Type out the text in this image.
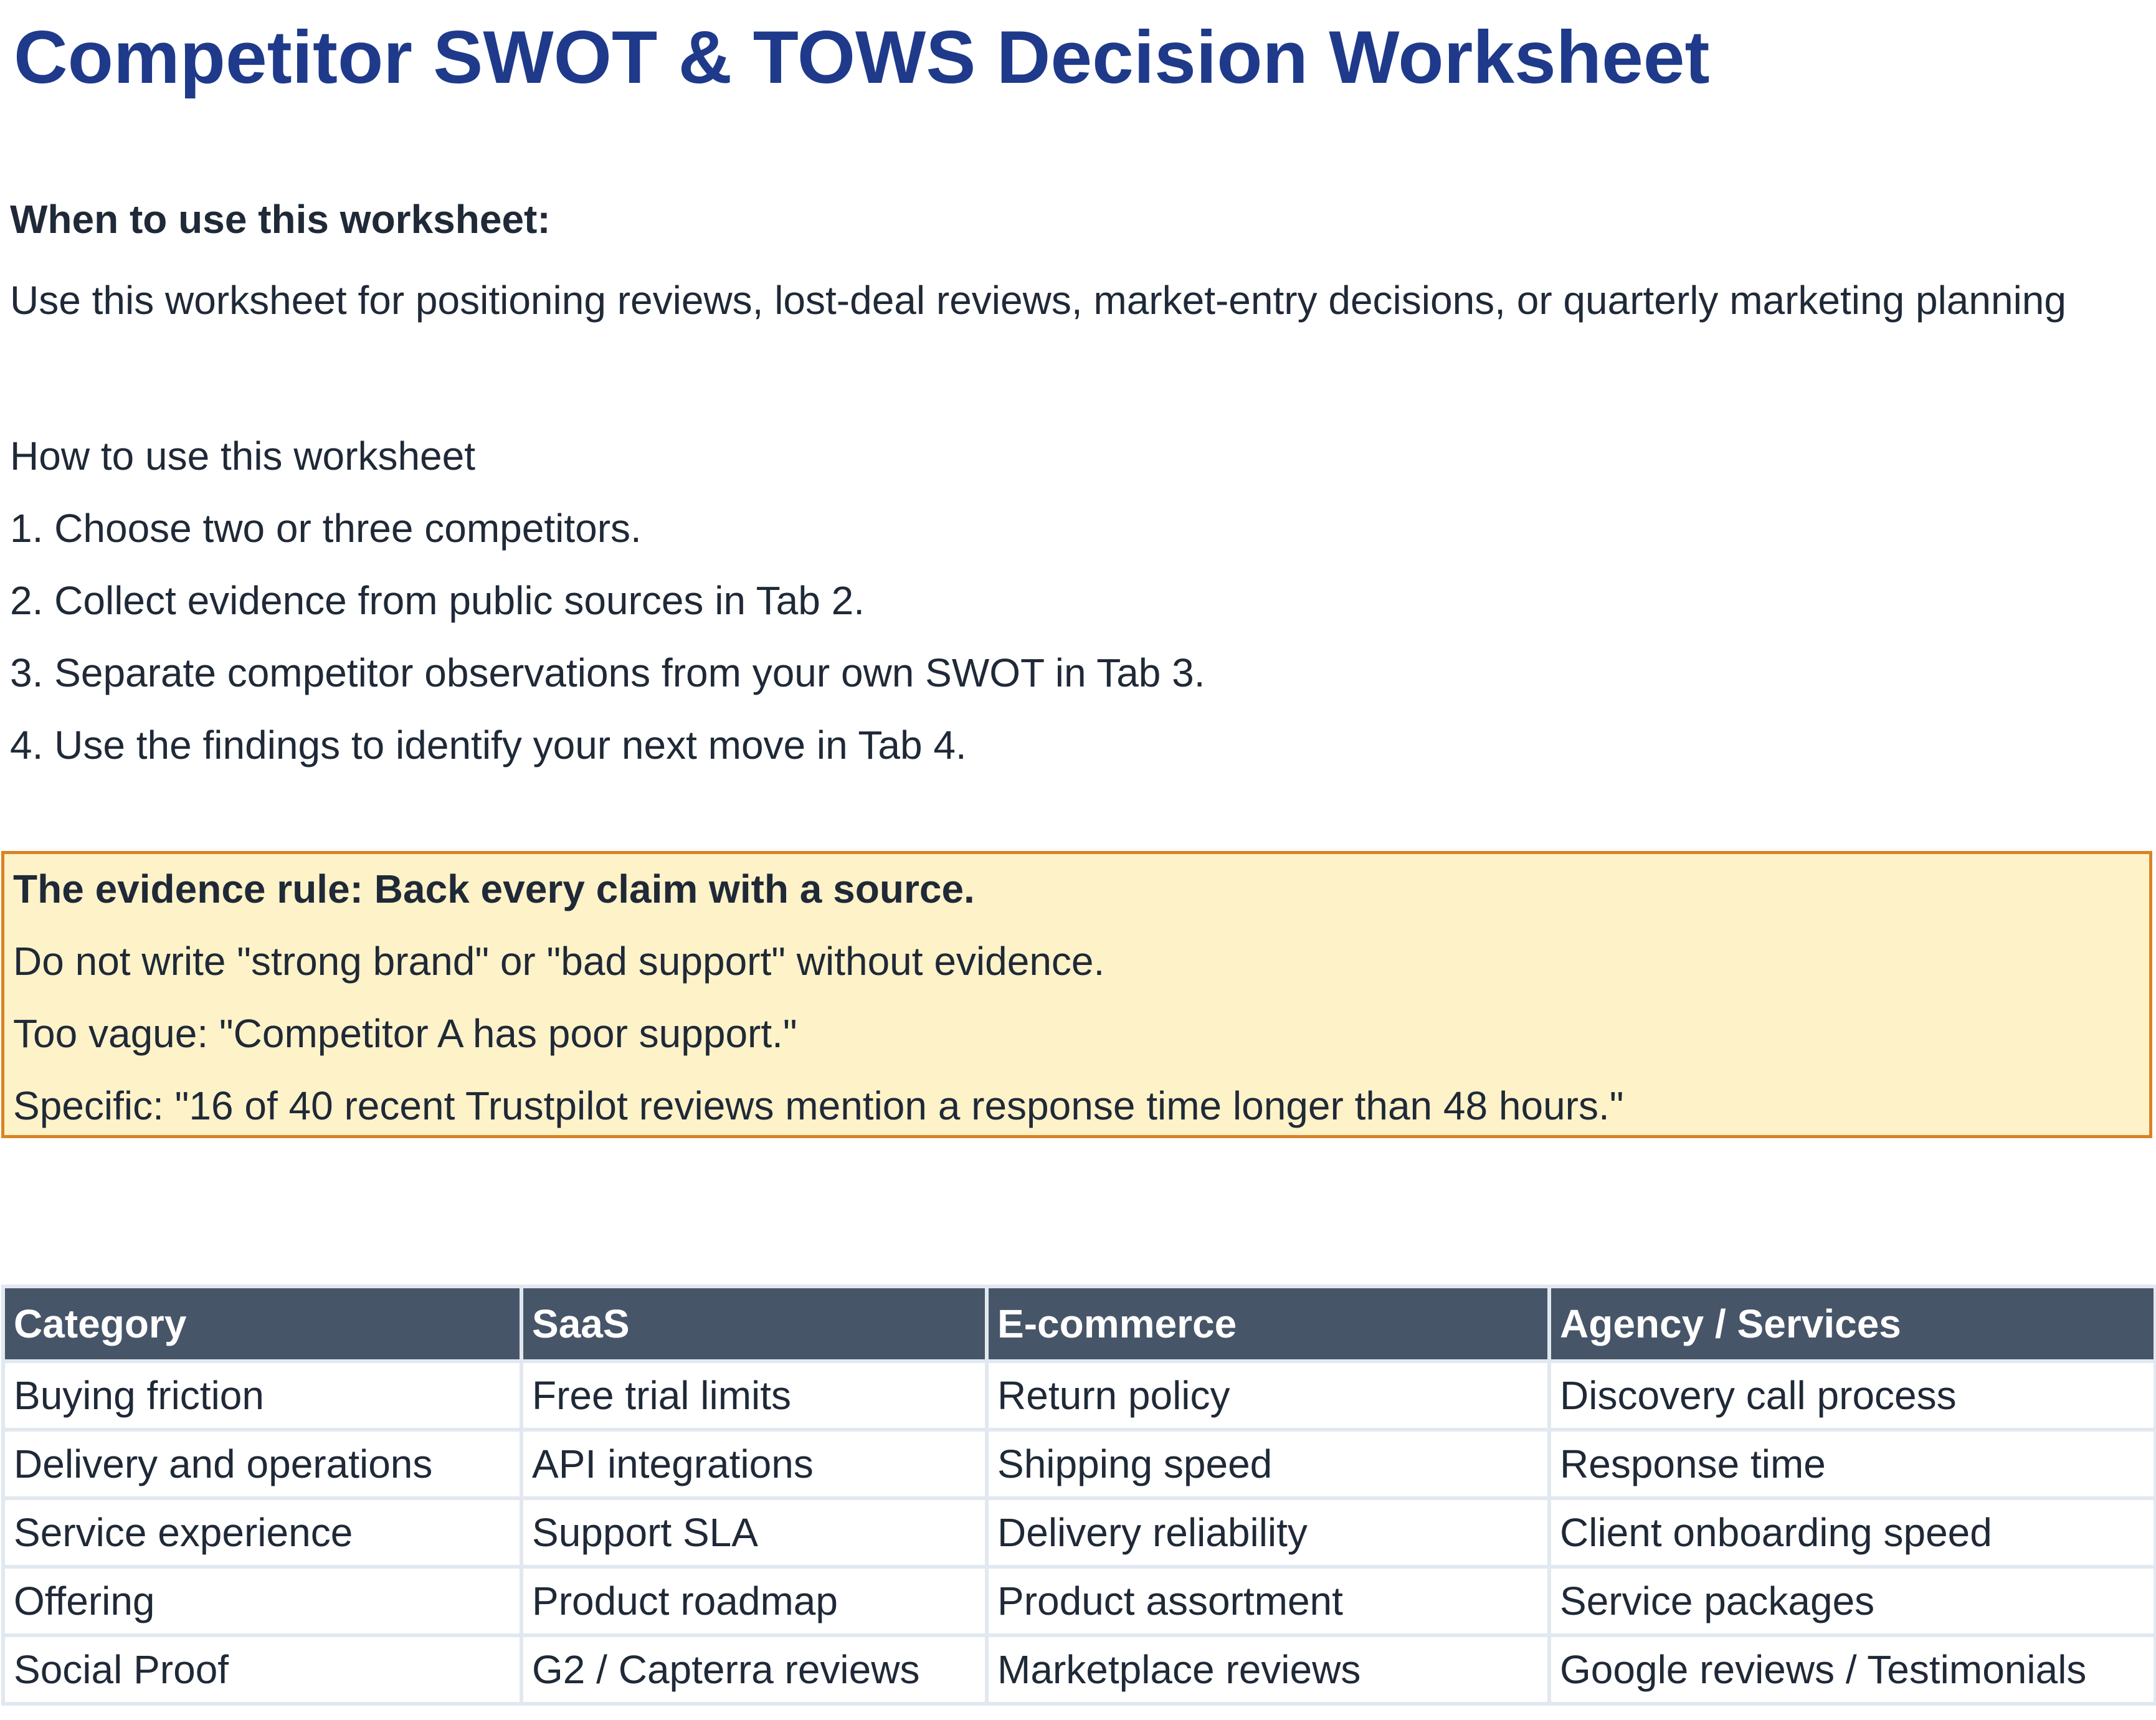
Competitor SWOT & TOWS Decision Worksheet
When to use this worksheet:
Use this worksheet for positioning reviews, lost-deal reviews, market-entry decisions, or quarterly marketing planning
How to use this worksheet
1. Choose two or three competitors.
2. Collect evidence from public sources in Tab 2.
3. Separate competitor observations from your own SWOT in Tab 3.
4. Use the findings to identify your next move in Tab 4.
The evidence rule: Back every claim with a source.
Do not write "strong brand" or "bad support" without evidence.
Too vague: "Competitor A has poor support."
Specific: "16 of 40 recent Trustpilot reviews mention a response time longer than 48 hours."
Category	SaaS	E-commerce	Agency / Services
Buying friction	Free trial limits	Return policy	Discovery call process
Delivery and operations	API integrations	Shipping speed	Response time
Service experience	Support SLA	Delivery reliability	Client onboarding speed
Offering	Product roadmap	Product assortment	Service packages
Social Proof	G2 / Capterra reviews	Marketplace reviews	Google reviews / Testimonials
